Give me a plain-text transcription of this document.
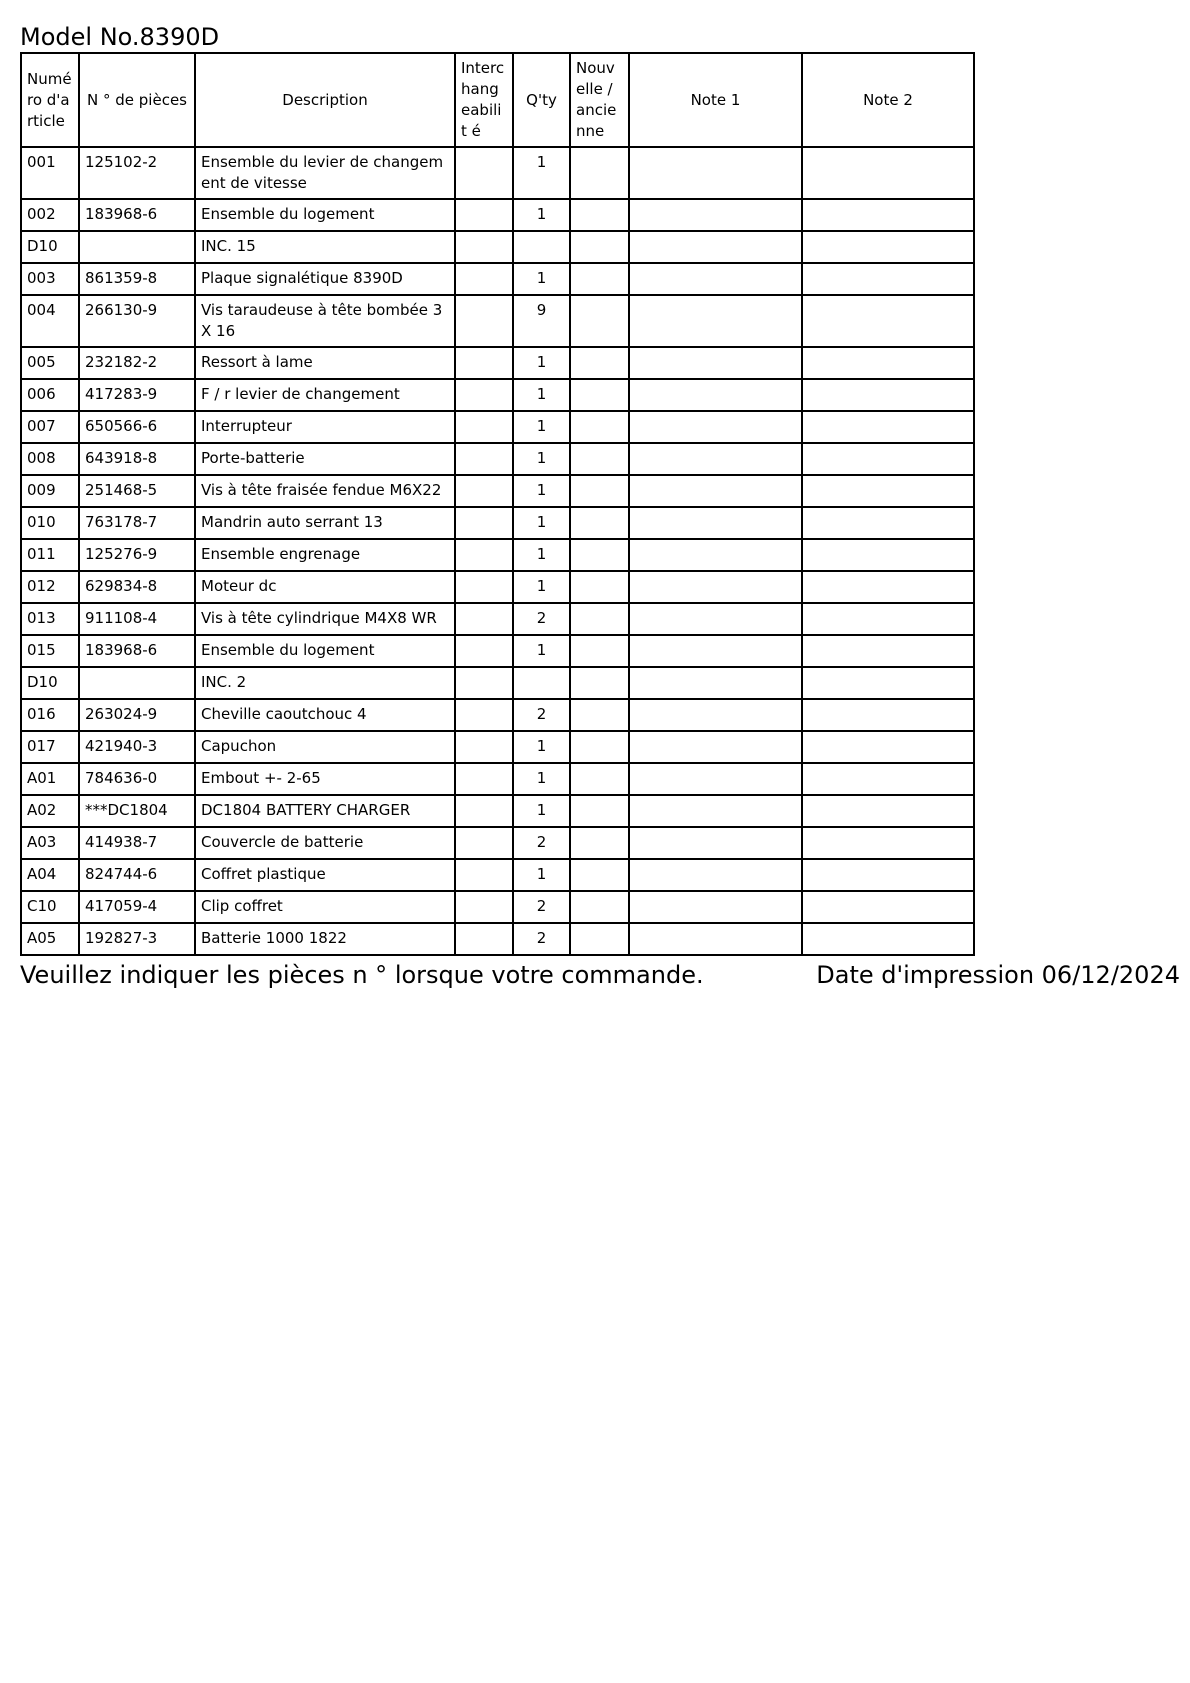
Model No.8390D
Numé ro d'a rticle	N ° de pièces	Description	Interc hang eabilit é	Q'ty	Nouv elle / ancie nne	Note 1	Note 2
001	125102-2	Ensemble du levier de changem ent de vitesse		1			
002	183968-6	Ensemble du logement		1			
D10		INC. 15					
003	861359-8	Plaque signalétique 8390D		1			
004	266130-9	Vis taraudeuse à tête bombée 3X 16		9			
005	232182-2	Ressort à lame		1			
006	417283-9	F / r levier de changement		1			
007	650566-6	Interrupteur		1			
008	643918-8	Porte-batterie		1			
009	251468-5	Vis à tête fraisée fendue M6X22		1			
010	763178-7	Mandrin auto serrant 13		1			
011	125276-9	Ensemble engrenage		1			
012	629834-8	Moteur dc		1			
013	911108-4	Vis à tête cylindrique M4X8 WR		2			
015	183968-6	Ensemble du logement		1			
D10		INC. 2					
016	263024-9	Cheville caoutchouc 4		2			
017	421940-3	Capuchon		1			
A01	784636-0	Embout +- 2-65		1			
A02	***DC1804	DC1804 BATTERY CHARGER		1			
A03	414938-7	Couvercle de batterie		2			
A04	824744-6	Coffret plastique		1			
C10	417059-4	Clip coffret		2			
A05	192827-3	Batterie 1000 1822		2			
Veuillez indiquer les pièces n ° lorsque votre commande.	Date d'impression 06/12/2024
